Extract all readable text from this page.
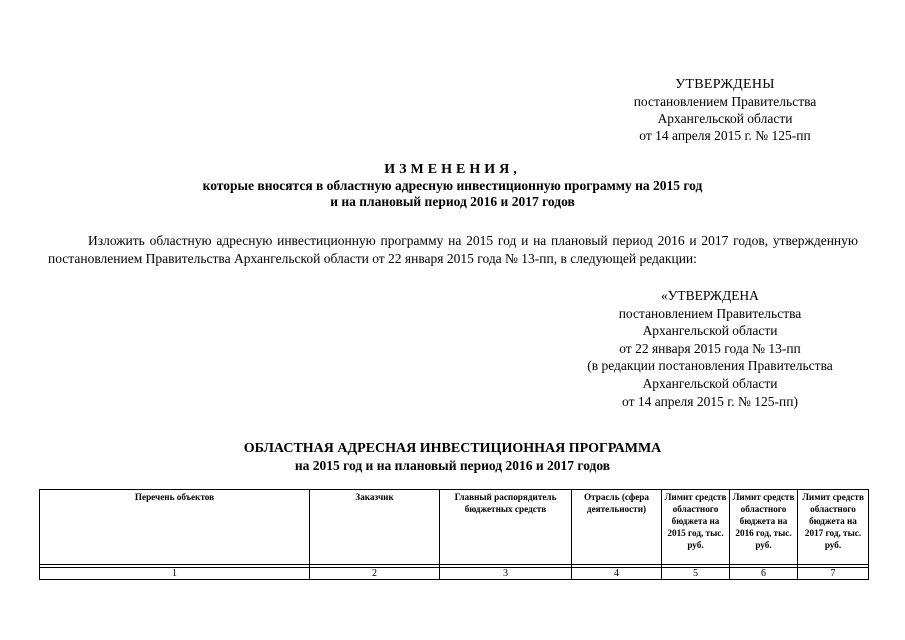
УТВЕРЖДЕНЫ
постановлением Правительства
Архангельской области
от 14 апреля 2015 г. № 125-пп
ИЗМЕНЕНИЯ,
которые вносятся в областную адресную инвестиционную программу на 2015 год
и на плановый период 2016 и 2017 годов
Изложить областную адресную инвестиционную программу на 2015 год и на плановый период 2016 и 2017 годов, утвержденную постановлением Правительства Архангельской области от 22 января 2015 года № 13-пп, в следующей редакции:
«УТВЕРЖДЕНА
постановлением Правительства
Архангельской области
от 22 января 2015 года № 13-пп
(в редакции постановления Правительства
Архангельской области
от 14 апреля 2015 г. № 125-пп)
ОБЛАСТНАЯ АДРЕСНАЯ ИНВЕСТИЦИОННАЯ ПРОГРАММА
на 2015 год и на плановый период 2016 и 2017 годов
Перечень объектов	Заказчик	Главный распорядитель бюджетных средств	Отрасль (сфера деятельности)	Лимит средств областного бюджета на 2015 год, тыс. руб.	Лимит средств областного бюджета на 2016 год, тыс. руб.	Лимит средств областного бюджета на 2017 год, тыс. руб.

1	2	3	4	5	6	7
